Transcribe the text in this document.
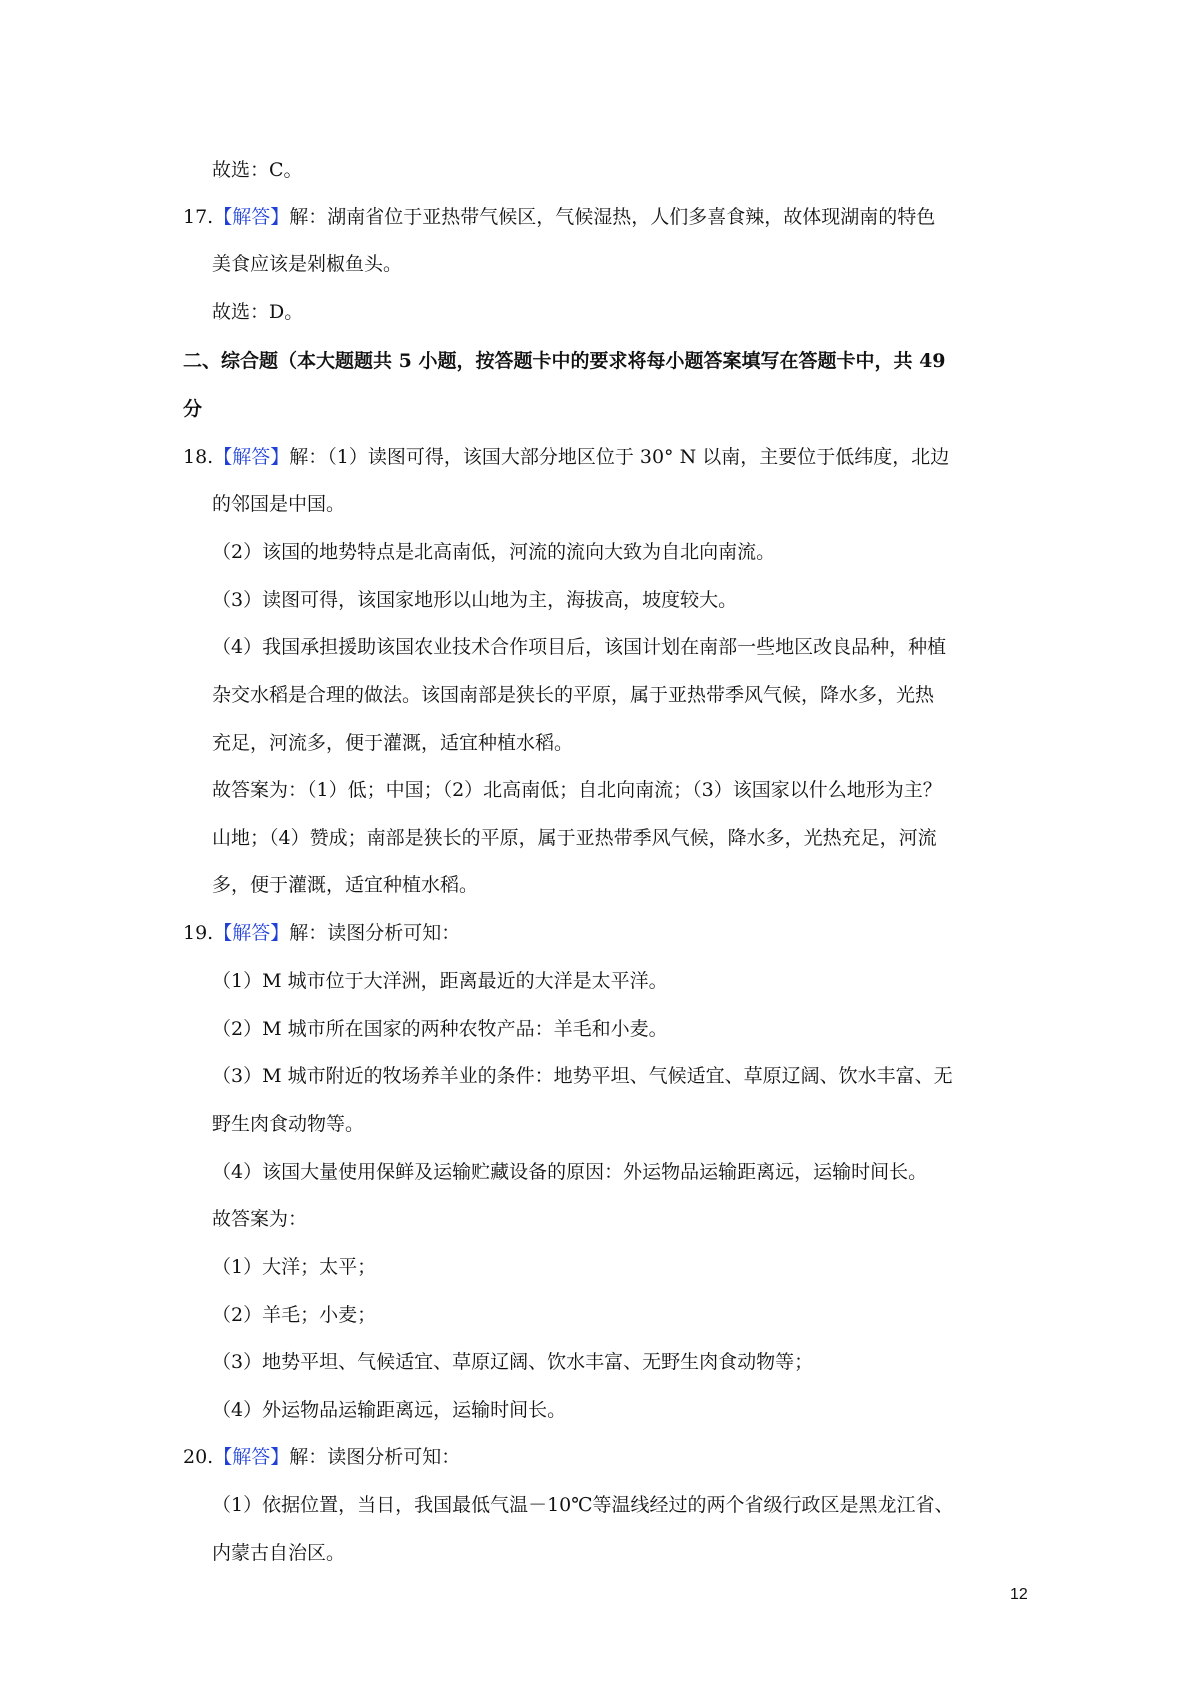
故选：C。
17.【解答】解：湖南省位于亚热带气候区，气候湿热，人们多喜食辣，故体现湖南的特色
美食应该是剁椒鱼头。
故选：D。
二、综合题（本大题题共 5 小题，按答题卡中的要求将每小题答案填写在答题卡中，共 49
分
18.【解答】解：（1）读图可得，该国大部分地区位于 30° N 以南，主要位于低纬度，北边
的邻国是中国。
（2）该国的地势特点是北高南低，河流的流向大致为自北向南流。
（3）读图可得，该国家地形以山地为主，海拔高，坡度较大。
（4）我国承担援助该国农业技术合作项目后，该国计划在南部一些地区改良品种，种植
杂交水稻是合理的做法。该国南部是狭长的平原，属于亚热带季风气候，降水多，光热
充足，河流多，便于灌溉，适宜种植水稻。
故答案为：（1）低；中国；（2）北高南低；自北向南流；（3）该国家以什么地形为主？
山地；（4）赞成；南部是狭长的平原，属于亚热带季风气候，降水多，光热充足，河流
多，便于灌溉，适宜种植水稻。
19.【解答】解：读图分析可知：
（1）M 城市位于大洋洲，距离最近的大洋是太平洋。
（2）M 城市所在国家的两种农牧产品：羊毛和小麦。
（3）M 城市附近的牧场养羊业的条件：地势平坦、气候适宜、草原辽阔、饮水丰富、无
野生肉食动物等。
（4）该国大量使用保鲜及运输贮藏设备的原因：外运物品运输距离远，运输时间长。
故答案为：
（1）大洋；太平；
（2）羊毛；小麦；
（3）地势平坦、气候适宜、草原辽阔、饮水丰富、无野生肉食动物等；
（4）外运物品运输距离远，运输时间长。
20.【解答】解：读图分析可知：
（1）依据位置，当日，我国最低气温－10℃等温线经过的两个省级行政区是黑龙江省、
内蒙古自治区。
12
